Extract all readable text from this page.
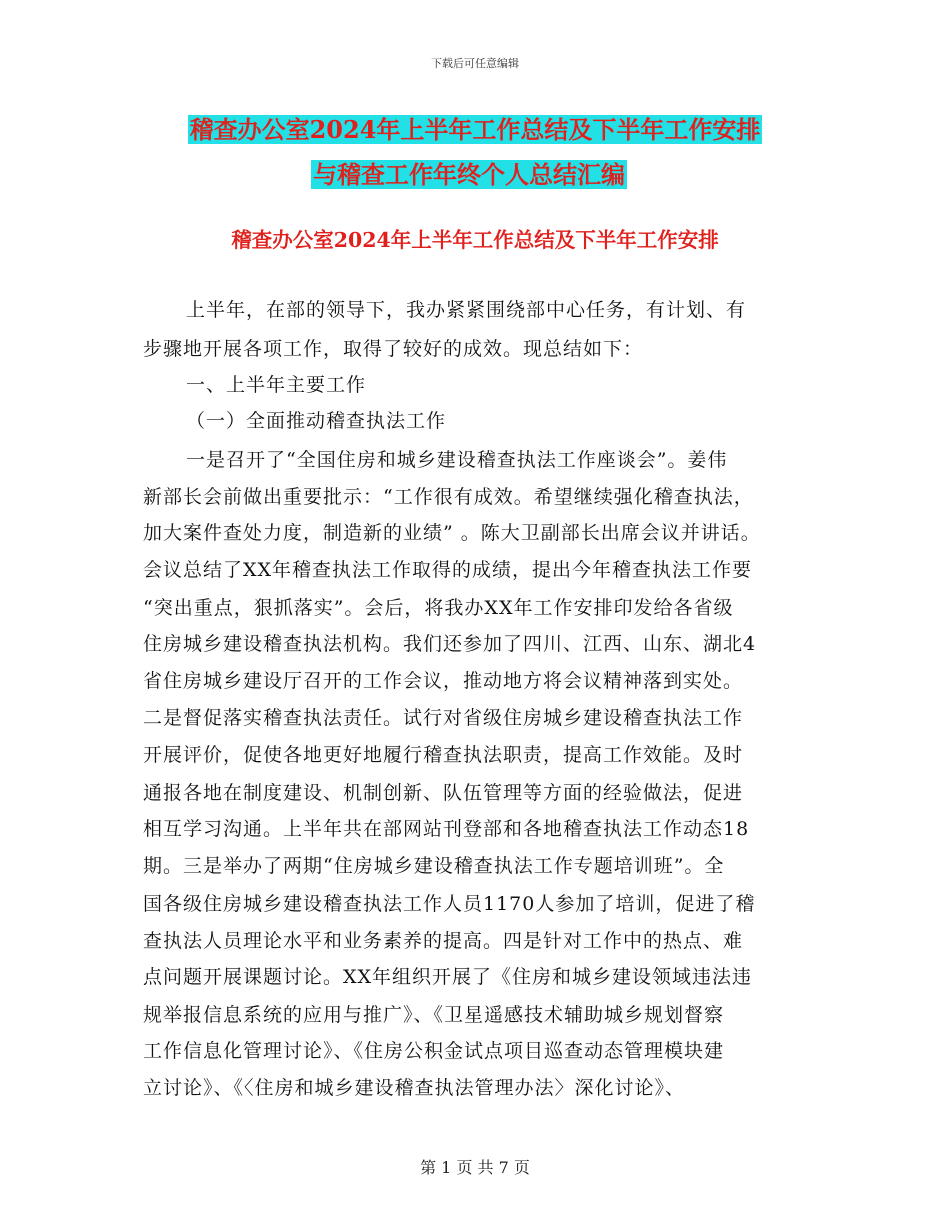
下载后可任意编辑
稽查办公室2024年上半年工作总结及下半年工作安排
与稽查工作年终个人总结汇编
稽查办公室2024年上半年工作总结及下半年工作安排
上半年，在部的领导下，我办紧紧围绕部中心任务，有计划、有
步骤地开展各项工作，取得了较好的成效。现总结如下：
一、上半年主要工作
（一）全面推动稽查执法工作
一是召开了“全国住房和城乡建设稽查执法工作座谈会”。姜伟
新部长会前做出重要批示：“工作很有成效。希望继续强化稽查执法，
加大案件查处力度，制造新的业绩” 。陈大卫副部长出席会议并讲话。
会议总结了XX年稽查执法工作取得的成绩，提出今年稽查执法工作要
“突出重点，狠抓落实”。会后，将我办XX年工作安排印发给各省级
住房城乡建设稽查执法机构。我们还参加了四川、江西、山东、湖北4
省住房城乡建设厅召开的工作会议，推动地方将会议精神落到实处。
二是督促落实稽查执法责任。试行对省级住房城乡建设稽查执法工作
开展评价，促使各地更好地履行稽查执法职责，提高工作效能。及时
通报各地在制度建设、机制创新、队伍管理等方面的经验做法，促进
相互学习沟通。上半年共在部网站刊登部和各地稽查执法工作动态18
期。三是举办了两期“住房城乡建设稽查执法工作专题培训班”。全
国各级住房城乡建设稽查执法工作人员1170人参加了培训，促进了稽
查执法人员理论水平和业务素养的提高。四是针对工作中的热点、难
点问题开展课题讨论。XX年组织开展了《住房和城乡建设领域违法违
规举报信息系统的应用与推广》、《卫星遥感技术辅助城乡规划督察
工作信息化管理讨论》、《住房公积金试点项目巡查动态管理模块建
立讨论》、《〈住房和城乡建设稽查执法管理办法〉深化讨论》、
第 1 页 共 7 页
